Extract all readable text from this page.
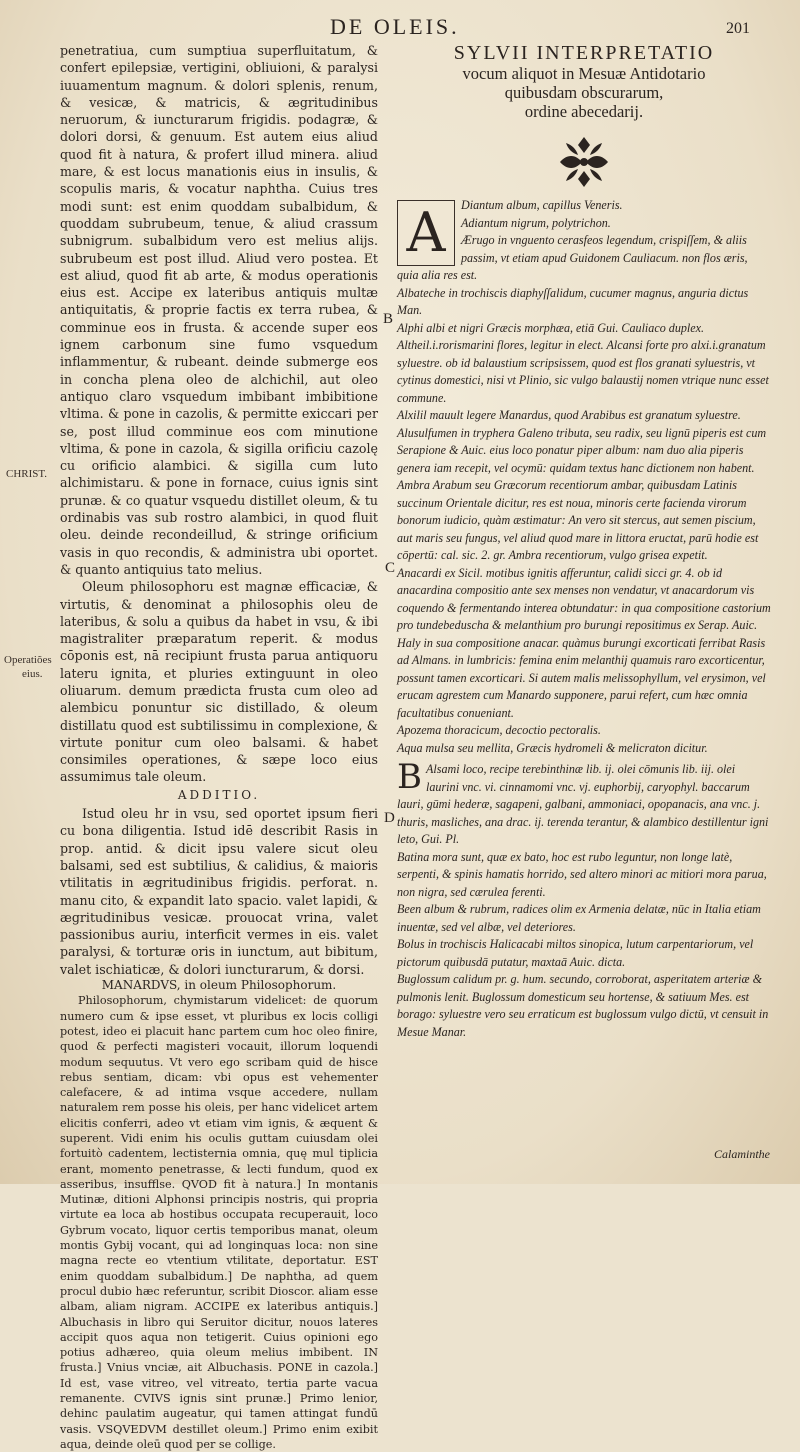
DE OLEIS.	201

penetratiua, cum sumptiua superfluitatum, & confert epilepsiæ, vertigini, obliuioni, & paralysi iuuamentum magnum. & dolori splenis, renum, & vesicæ, & matricis, & ægritudinibus neruorum, & iuncturarum frigidis. podagræ, & dolori dorsi, & genuum. Est autem eius aliud quod fit à natura, & profert illud minera. aliud mare, & est locus manationis eius in insulis, & scopulis maris, & vocatur naphtha. Cuius tres modi sunt: est enim quoddam subalbidum, & quoddam subrubeum, tenue, & aliud crassum subnigrum. subalbidum vero est melius alijs. subrubeum est post illud. Aliud vero postea. Et est aliud, quod fit ab arte, & modus operationis eius est. Accipe ex lateribus antiquis multæ antiquitatis, & proprie factis ex terra rubea, & comminue eos in frusta. & accende super eos ignem carbonum sine fumo vsquedum inflammentur, & rubeant. deinde submerge eos in concha plena oleo de alchichil, aut oleo antiquo claro vsquedum imbibant imbibitione vltima. & pone in cazolis, & permitte exiccari per se, post illud comminue eos com minutione vltima, & pone in cazola, & sigilla orificiu cazolę cu orificio alambici. & sigilla cum luto alchimistaru. & pone in fornace, cuius ignis sint prunæ. & co quatur vsquedu distillet oleum, & tu ordinabis vas sub rostro alambici, in quod fluit oleu. deinde recondeillud, & stringe orificium vasis in quo recondis, & administra ubi oportet. & quanto antiquius tato melius.

Oleum philosophoru est magnæ efficaciæ, & virtutis, & denominat a philosophis oleu de lateribus, & solu a quibus da habet in vsu, & ibi magistraliter præparatum reperit. & modus cōponis est, nā recipiunt frusta parua antiquoru lateru ignita, et pluries extinguunt in oleo oliuarum. demum prædicta frusta cum oleo ad alembicu ponuntur sic distillado, & oleum distillatu quod est subtilissimu in complexione, & virtute ponitur cum oleo balsami. & habet consimiles operationes, & sæpe loco eius assumimus tale oleum.

ADDITIO.

Istud oleu hr in vsu, sed oportet ipsum fieri cu bona diligentia. Istud idē describit Rasis in prop. antid. & dicit ipsu valere sicut oleu balsami, sed est subtilius, & calidius, & maioris vtilitatis in ægritudinibus frigidis. perforat. n. manu cito, & expandit lato spacio. valet lapidi, & ægritudinibus vesicæ. prouocat vrina, valet passionibus auriu, interficit vermes in eis. valet paralysi, & torturæ oris in iunctum, aut bibitum, valet ischiaticæ, & dolori iuncturarum, & dorsi.

MANARDVS, in oleum Philosophorum.

Philosophorum, chymistarum videlicet: de quorum numero cum & ipse esset, vt pluribus ex locis colligi potest, ideo ei placuit hanc partem cum hoc oleo finire, quod & perfecti magisteri vocauit, illorum loquendi modum sequutus. Vt vero ego scribam quid de hisce rebus sentiam, dicam: vbi opus est vehementer calefacere, & ad intima vsque accedere, nullam naturalem rem posse his oleis, per hanc videlicet artem elicitis conferri, adeo vt etiam vim ignis, & æquent & superent. Vidi enim his oculis guttam cuiusdam olei fortuitò cadentem, lectisternia omnia, quę mul tiplicia erant, momento penetrasse, & lecti fundum, quod ex asseribus, insufflse. QVOD fit à natura.] In montanis Mutinæ, ditioni Alphonsi principis nostris, qui propria virtute ea loca ab hostibus occupata recuperauit, loco Gybrum vocato, liquor certis temporibus manat, oleum montis Gybij vocant, qui ad longinquas loca: non sine magna recte eo vtentium vtilitate, deportatur. EST enim quoddam subalbidum.] De naphtha, ad quem procul dubio hæc referuntur, scribit Dioscor. aliam esse albam, aliam nigram. ACCIPE ex lateribus antiquis.] Albuchasis in libro qui Seruitor dicitur, nouos lateres accipit quos aqua non tetigerit. Cuius opinioni ego potius adhæreo, quia oleum melius imbibent. IN frusta.] Vnius vnciæ, ait Albuchasis. PONE in cazola.] Id est, vase vitreo, vel vitreato, tertia parte vacua remanente. CVIVS ignis sint prunæ.] Primo lenior, dehinc paulatim augeatur, qui tamen attingat fundū vasis. VSQVEDVM destillet oleum.] Primo enim exibit aqua, deinde oleū quod per se collige.

CHRIST.
Operatiões
eius.
B
C
D
SYLVII INTERPRETATIO
vocum aliquot in Mesuæ Antidotario
quibusdam obscurarum,
ordine abecedarij.
A	Diantum album, capillus Veneris.

Adiantum nigrum, polytrichon.

Ærugo in vnguento cerasfeos legendum, crispiſſem, & aliis passim, vt etiam apud Guidonem Cauliacum. non flos æris, quia alia res est.

Albateche in trochiscis diaphyſſalidum, cucumer magnus, anguria dictus Man.

Alphi albi et nigri Græcis morphæa, etiā Gui. Cauliaco duplex.

Altheil.i.rorismarini flores, legitur in elect. Alcansi forte pro alxi.i.granatum syluestre. ob id balaustium scripsissem, quod est flos granati syluestris, vt cytinus domestici, nisi vt Plinio, sic vulgo balaustij nomen vtrique nunc esset commune.

Alxilil mauult legere Manardus, quod Arabibus est granatum syluestre.

Alusulfumen in tryphera Galeno tributa, seu radix, seu lignū piperis est cum Serapione & Auic. eius loco ponatur piper album: nam duo alia piperis genera iam recepit, vel ocymū: quidam textus hanc dictionem non habent.

Ambra Arabum seu Græcorum recentiorum ambar, quibusdam Latinis succinum Orientale dicitur, res est noua, minoris certe facienda virorum bonorum iudicio, quàm æstimatur: An vero sit stercus, aut semen piscium, aut maris seu fungus, vel aliud quod mare in littora eructat, parū hodie est cōpertū: cal. sic. 2. gr. Ambra recentiorum, vulgo grisea expetit.

Anacardi ex Sicil. motibus ignitis afferuntur, calidi sicci gr. 4. ob id anacardina compositio ante sex menses non vendatur, vt anacardorum vis coquendo & fermentando interea obtundatur: in qua compositione castorium pro tundebeduscha & melanthium pro burungi repositimus ex Serap. Auic. Haly in sua compositione anacar. quàmus burungi excorticati ferribat Rasis ad Almans. in lumbricis: femina enim melanthij quamuis raro excorticentur, possunt tamen excorticari. Si autem malis melissophyllum, vel erysimon, vel erucam agrestem cum Manardo supponere, parui refert, cum hæc omnia facultatibus conueniant.

Apozema thoracicum, decoctio pectoralis.

Aqua mulsa seu mellita, Græcis hydromeli & melicraton dicitur.

B Alsami loco, recipe terebinthinæ lib. ij. olei cōmunis lib. iij. olei laurini vnc. vi. cinnamomi vnc. vj. euphorbij, caryophyl. baccarum lauri, gūmi hederæ, sagapeni, galbani, ammoniaci, opopanacis, ana vnc. j. thuris, masliches, ana drac. ij. terenda terantur, & alambico destillentur igni leto, Gui. Pl.

Batina mora sunt, quæ ex bato, hoc est rubo leguntur, non longe latè, serpenti, & spinis hamatis horrido, sed altero minori ac mitiori mora parua, non nigra, sed cærulea ferenti.

Been album & rubrum, radices olim ex Armenia delatæ, nūc in Italia etiam inuentæ, sed vel albæ, vel deteriores.

Bolus in trochiscis Halicacabi miltos sinopica, lutum carpentariorum, vel pictorum quibusdā putatur, maxtaā Auic. dicta.

Buglossum calidum pr. g. hum. secundo, corroborat, asperitatem arteriæ & pulmonis lenit. Buglossum domesticum seu hortense, & satiuum Mes. est borago: syluestre vero seu erraticum est buglossum vulgo dictū, vt censuit in Mesue Manar.

Calaminthe
